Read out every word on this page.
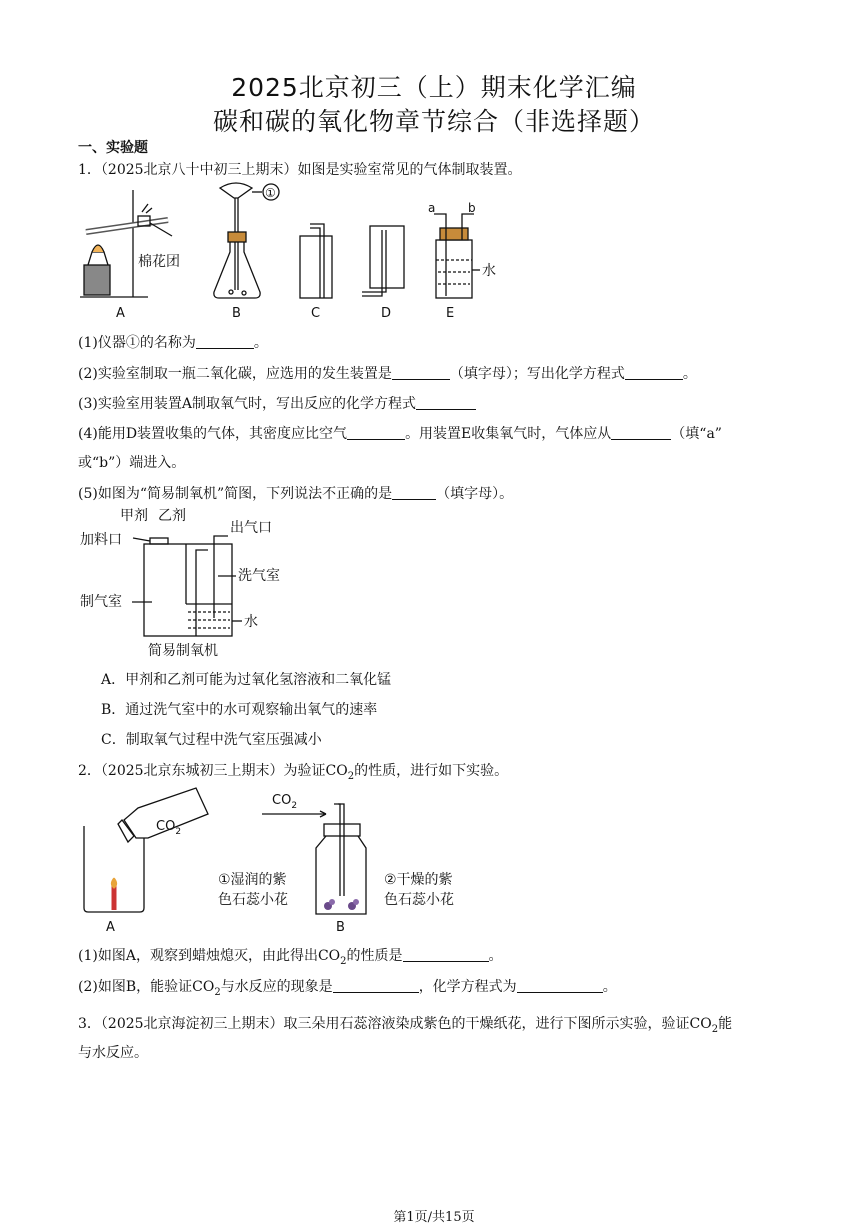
2025北京初三（上）期末化学汇编
碳和碳的氧化物章节综合（非选择题）
一、实验题
1．（2025北京八十中初三上期末）如图是实验室常见的气体制取装置。
棉花团
①
a	b
水
A	B	C	D	E
(1)仪器①的名称为	。
(2)实验室制取一瓶二氧化碳，应选用的发生装置是	（填字母）；写出化学方程式	。
(3)实验室用装置A制取氧气时，写出反应的化学方程式
(4)能用D装置收集的气体，其密度应比空气	。用装置E收集氧气时，气体应从	（填“a”
或“b”）端进入。
(5)如图为“简易制氧机”简图，下列说法不正确的是	（填字母）。
甲剂 乙剂
出气口
加料口
洗气室
制气室
水
简易制氧机
A．甲剂和乙剂可能为过氧化氢溶液和二氧化锰
B．通过洗气室中的水可观察输出氧气的速率
C．制取氧气过程中洗气室压强减小
2．（2025北京东城初三上期末）为验证$CO_2$的性质，进行如下实验。
$CO_2$
A
$CO_2$
①湿润的紫
色石蕊小花
②干燥的紫
色石蕊小花
B
(1)如图A，观察到蜡烛熄灭，由此得出$CO_2$的性质是	。
(2)如图B，能验证$CO_2$与水反应的现象是	，化学方程式为	。
3．（2025北京海淀初三上期末）取三朵用石蕊溶液染成紫色的干燥纸花，进行下图所示实验，验证$CO_2$能
与水反应。
第1页/共15页
